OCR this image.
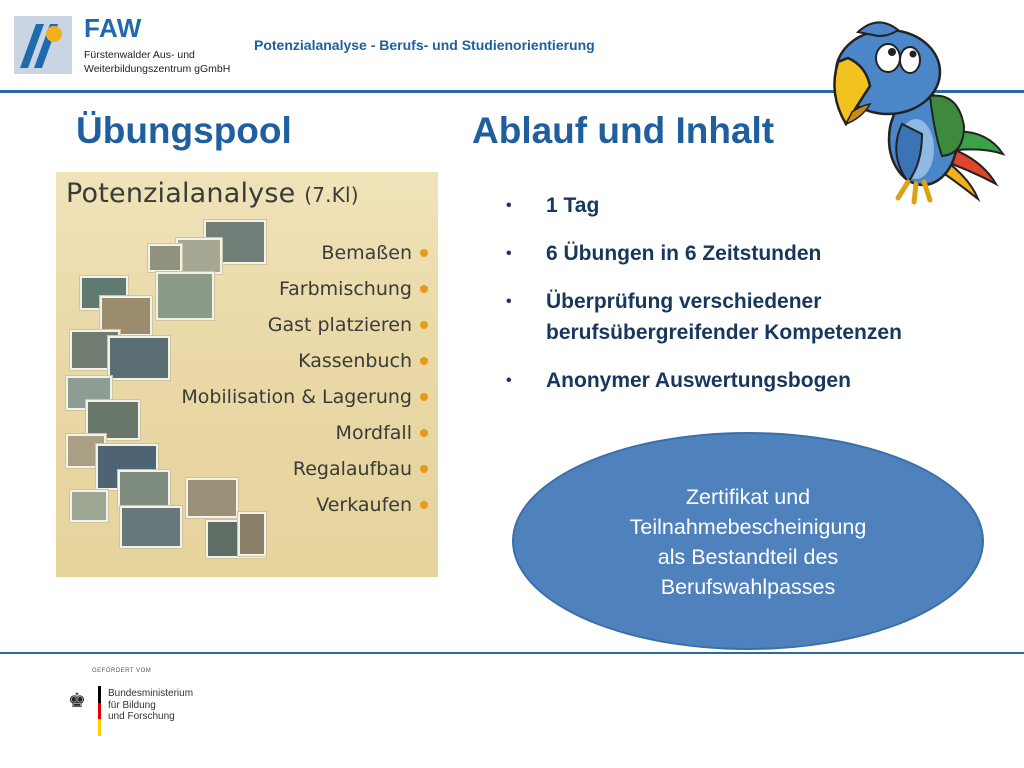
FAW
Fürstenwalder Aus- und
Weiterbildungszentrum gGmbH
Potenzialanalyse - Berufs- und Studienorientierung
Übungspool
Potenzialanalyse (7.Kl)
Bemaßen
Farbmischung
Gast platzieren
Kassenbuch
Mobilisation & Lagerung
Mordfall
Regalaufbau
Verkaufen
Ablauf und Inhalt
• 1 Tag
• 6 Übungen in 6 Zeitstunden
• Überprüfung verschiedener berufsübergreifender Kompetenzen
• Anonymer Auswertungsbogen
Zertifikat und
Teilnahmebescheinigung
als Bestandteil des
Berufswahlpasses
GEFÖRDERT VOM
♚ Bundesministerium
für Bildung
und Forschung
